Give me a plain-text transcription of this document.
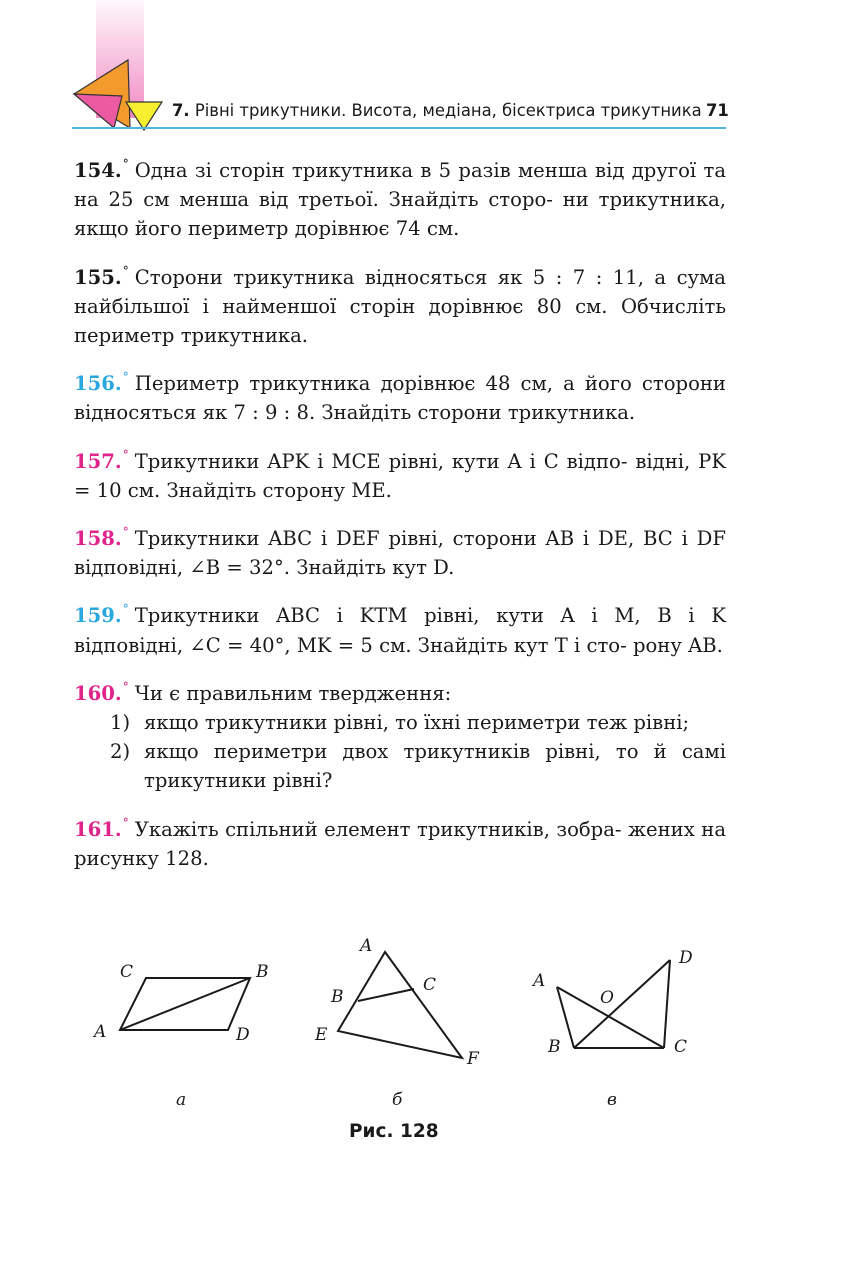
7. Рівні трикутники. Висота, медіана, бісектриса трикутника 71
154.° Одна зі сторін трикутника в 5 разів менша від другої та на 25 см менша від третьої. Знайдіть сторо- ни трикутника, якщо його периметр дорівнює 74 см.
155.° Сторони трикутника відносяться як 5 : 7 : 11, а сума найбільшої і найменшої сторін дорівнює 80 см. Обчисліть периметр трикутника.
156.° Периметр трикутника дорівнює 48 см, а його сторони відносяться як 7 : 9 : 8. Знайдіть сторони трикутника.
157.° Трикутники APK і MCE рівні, кути A і C відпо- відні, PK = 10 см. Знайдіть сторону ME.
158.° Трикутники ABC і DEF рівні, сторони AB і DE, BC і DF відповідні, ∠B = 32°. Знайдіть кут D.
159.° Трикутники ABC і KTM рівні, кути A і M, B і K відповідні, ∠C = 40°, MK = 5 см. Знайдіть кут T і сто- рону AB.
160.° Чи є правильним твердження:
1) якщо трикутники рівні, то їхні периметри теж рівні;
2) якщо периметри двох трикутників рівні, то й самі трикутники рівні?
161.° Укажіть спільний елемент трикутників, зобра- жених на рисунку 128.
C	B
A	D
а
A
B
C
E
F
б
A
B	C
D
O
в
Рис. 128
